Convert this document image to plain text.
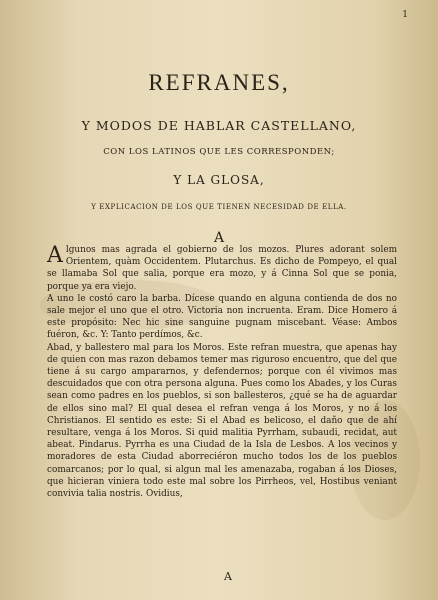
1
REFRANES,
Y MODOS DE HABLAR CASTELLANO,
CON LOS LATINOS QUE LES CORRESPONDEN;
Y LA GLOSA,
Y EXPLICACION DE LOS QUE TIENEN NECESIDAD DE ELLA.
A

Algunos mas agrada el gobierno de los mozos. Plures adorant solem Orientem, quàm Occidentem. Plutarchus. Es dicho de Pompeyo, el qual se llamaba Sol que salia, porque era mozo, y á Cinna Sol que se ponia, porque ya era viejo.

A uno le costó caro la barba. Dícese quando en alguna contienda de dos no sale mejor el uno que el otro. Victoria non incruenta. Eram. Dice Homero á este propósito: Nec hic sine sanguine pugnam miscebant. Véase: Ambos fuéron, &c. Y: Tanto perdímos, &c.

Abad, y ballestero mal para los Moros. Este refran muestra, que apenas hay de quien con mas razon debamos temer mas riguroso encuentro, que del que tiene á su cargo ampararnos, y defendernos; porque con él vivimos mas descuidados que con otra persona alguna. Pues como los Abades, y los Curas sean como padres en los pueblos, si son ballesteros, ¿qué se ha de aguardar de ellos sino mal? El qual desea el refran venga á los Moros, y no á los Christianos. El sentido es este: Si el Abad es belicoso, el daño que de ahí resultare, venga á los Moros. Si quid malitia Pyrrham, subaudi, recidat, aut abeat. Pindarus. Pyrrha es una Ciudad de la Isla de Lesbos. A los vecinos y moradores de esta Ciudad aborreciéron mucho todos los de los pueblos comarcanos; por lo qual, si algun mal les amenazaba, rogaban á los Dioses, que hicieran viniera todo este mal sobre los Pirrheos, vel, Hostibus veniant convivia talia nostris. Ovidius,

A
